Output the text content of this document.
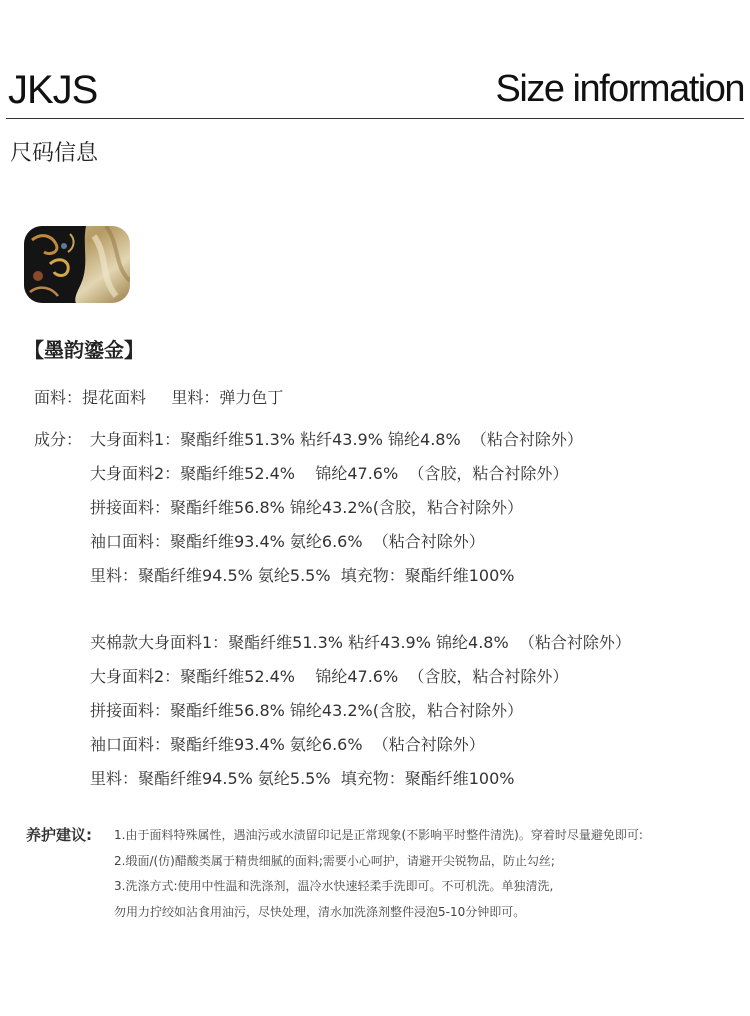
JKJS	Size information
尺码信息
【墨韵鎏金】
面料：提花面料     里料：弹力色丁
成分： 大身面料1：聚酯纤维51.3% 粘纤43.9% 锦纶4.8%  （粘合衬除外）
大身面料2：聚酯纤维52.4%    锦纶47.6%  （含胶，粘合衬除外）
拼接面料：聚酯纤维56.8% 锦纶43.2%(含胶，粘合衬除外）
袖口面料：聚酯纤维93.4% 氨纶6.6%  （粘合衬除外）
里料：聚酯纤维94.5% 氨纶5.5%  填充物：聚酯纤维100%
夹棉款大身面料1：聚酯纤维51.3% 粘纤43.9% 锦纶4.8%  （粘合衬除外）
大身面料2：聚酯纤维52.4%    锦纶47.6%  （含胶，粘合衬除外）
拼接面料：聚酯纤维56.8% 锦纶43.2%(含胶，粘合衬除外）
袖口面料：聚酯纤维93.4% 氨纶6.6%  （粘合衬除外）
里料：聚酯纤维94.5% 氨纶5.5%  填充物：聚酯纤维100%
养护建议: 1.由于面料特殊属性，遇油污或水渍留印记是正常现象(不影响平时整件清洗)。穿着时尽量避免即可:
2.缎面/(仿)醋酸类属于精贵细腻的面料;需要小心呵护，请避开尖锐物品，防止勾丝;
3.洗涤方式:使用中性温和洗涤剂，温冷水快速轻柔手洗即可。不可机洗。单独清洗,
勿用力拧绞如沾食用油污，尽快处理，清水加洗涤剂整件浸泡5-10分钟即可。
